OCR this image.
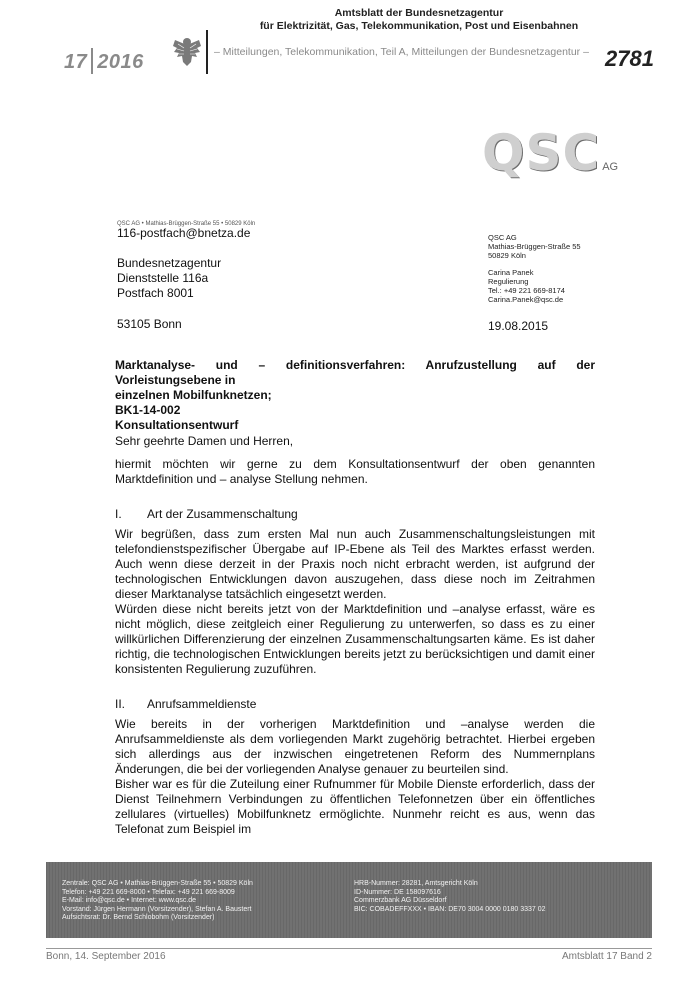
17 2016
Amtsblatt der Bundesnetzagentur
für Elektrizität, Gas, Telekommunikation, Post und Eisenbahnen
– Mitteilungen, Telekommunikation, Teil A, Mitteilungen der Bundesnetzagentur – 2781
QSC AG
QSC AG • Mathias-Brüggen-Straße 55 • 50829 Köln
116-postfach@bnetza.de
Bundesnetzagentur
Dienststelle 116a
Postfach 8001
53105 Bonn
QSC AG
Mathias-Brüggen-Straße 55
50829 Köln
Carina Panek
Regulierung
Tel.: +49 221 669-8174
Carina.Panek@qsc.de
19.08.2015
Marktanalyse- und – definitionsverfahren: Anrufzustellung auf der Vorleistungsebene in
einzelnen Mobilfunknetzen;
BK1-14-002
Konsultationsentwurf
Sehr geehrte Damen und Herren,
hiermit möchten wir gerne zu dem Konsultationsentwurf der oben genannten Marktdefinition und – analyse Stellung nehmen.
I. Art der Zusammenschaltung
Wir begrüßen, dass zum ersten Mal nun auch Zusammenschaltungsleistungen mit telefondienstspezifischer Übergabe auf IP-Ebene als Teil des Marktes erfasst werden. Auch wenn diese derzeit in der Praxis noch nicht erbracht werden, ist aufgrund der technologischen Entwicklungen davon auszugehen, dass diese noch im Zeitrahmen dieser Marktanalyse tatsächlich eingesetzt werden.
Würden diese nicht bereits jetzt von der Marktdefinition und –analyse erfasst, wäre es nicht möglich, diese zeitgleich einer Regulierung zu unterwerfen, so dass es zu einer willkürlichen Differenzierung der einzelnen Zusammenschaltungsarten käme. Es ist daher richtig, die technologischen Entwicklungen bereits jetzt zu berücksichtigen und damit einer konsistenten Regulierung zuzuführen.
II. Anrufsammeldienste
Wie bereits in der vorherigen Marktdefinition und –analyse werden die Anrufsammeldienste als dem vorliegenden Markt zugehörig betrachtet. Hierbei ergeben sich allerdings aus der inzwischen eingetretenen Reform des Nummernplans Änderungen, die bei der vorliegenden Analyse genauer zu beurteilen sind.
Bisher war es für die Zuteilung einer Rufnummer für Mobile Dienste erforderlich, dass der Dienst Teilnehmern Verbindungen zu öffentlichen Telefonnetzen über ein öffentliches zellulares (virtuelles) Mobilfunknetz ermöglichte. Nunmehr reicht es aus, wenn das Telefonat zum Beispiel im
Zentrale: QSC AG • Mathias-Brüggen-Straße 55 • 50829 Köln
Telefon: +49 221 669-8000 • Telefax: +49 221 669-8009
E-Mail: info@qsc.de • Internet: www.qsc.de
Vorstand: Jürgen Hermann (Vorsitzender), Stefan A. Baustert
Aufsichtsrat: Dr. Bernd Schlobohm (Vorsitzender)
HRB-Nummer: 28281, Amtsgericht Köln
ID-Nummer: DE 158097616
Commerzbank AG Düsseldorf
BIC: COBADEFFXXX • IBAN: DE70 3004 0000 0180 3337 02
Bonn, 14. September 2016	Amtsblatt 17 Band 2
